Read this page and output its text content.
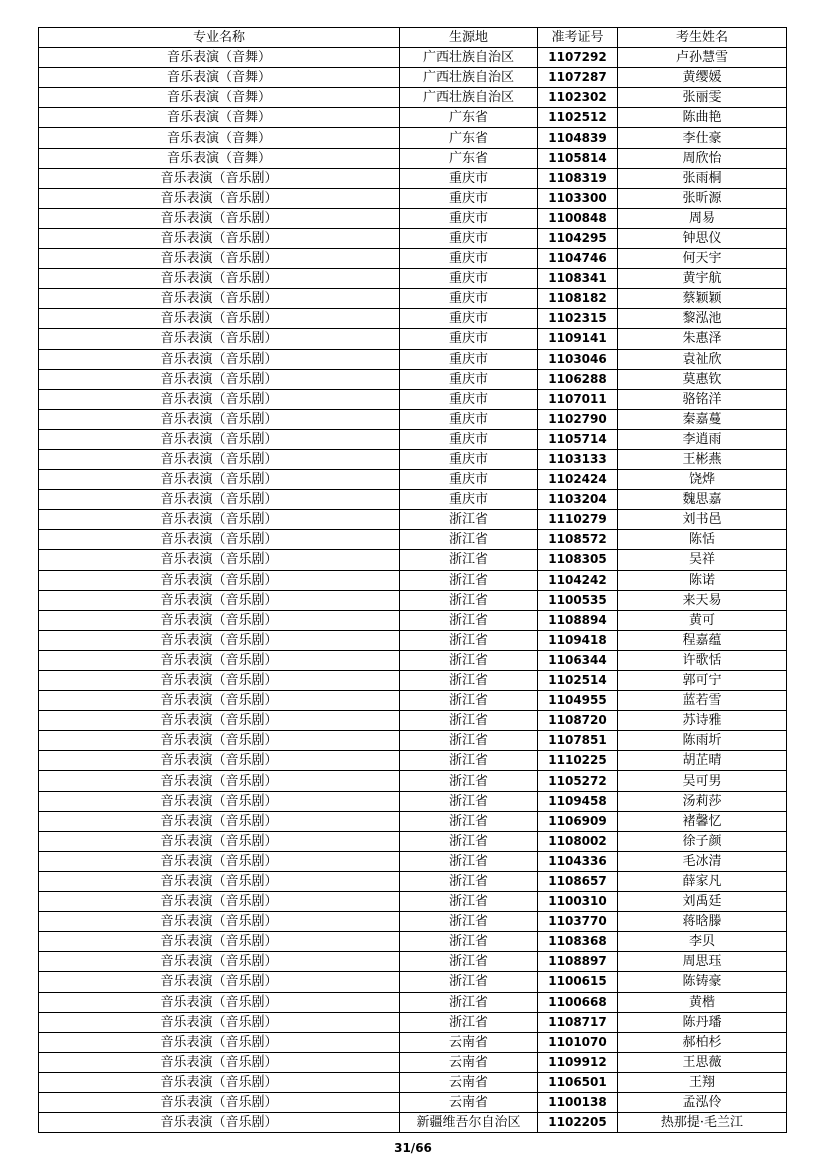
专业名称	生源地	准考证号	考生姓名
音乐表演（音舞）	广西壮族自治区	1107292	卢孙慧雪
音乐表演（音舞）	广西壮族自治区	1107287	黄缨媛
音乐表演（音舞）	广西壮族自治区	1102302	张丽雯
音乐表演（音舞）	广东省	1102512	陈曲艳
音乐表演（音舞）	广东省	1104839	李仕豪
音乐表演（音舞）	广东省	1105814	周欣怡
音乐表演（音乐剧）	重庆市	1108319	张雨桐
音乐表演（音乐剧）	重庆市	1103300	张昕源
音乐表演（音乐剧）	重庆市	1100848	周易
音乐表演（音乐剧）	重庆市	1104295	钟思仪
音乐表演（音乐剧）	重庆市	1104746	何天宇
音乐表演（音乐剧）	重庆市	1108341	黄宇航
音乐表演（音乐剧）	重庆市	1108182	蔡颖颖
音乐表演（音乐剧）	重庆市	1102315	黎泓池
音乐表演（音乐剧）	重庆市	1109141	朱惠泽
音乐表演（音乐剧）	重庆市	1103046	袁祉欣
音乐表演（音乐剧）	重庆市	1106288	莫惠钦
音乐表演（音乐剧）	重庆市	1107011	骆铭洋
音乐表演（音乐剧）	重庆市	1102790	秦嘉蔓
音乐表演（音乐剧）	重庆市	1105714	李逍雨
音乐表演（音乐剧）	重庆市	1103133	王彬燕
音乐表演（音乐剧）	重庆市	1102424	饶烨
音乐表演（音乐剧）	重庆市	1103204	魏思嘉
音乐表演（音乐剧）	浙江省	1110279	刘书邑
音乐表演（音乐剧）	浙江省	1108572	陈恬
音乐表演（音乐剧）	浙江省	1108305	吴祥
音乐表演（音乐剧）	浙江省	1104242	陈诺
音乐表演（音乐剧）	浙江省	1100535	来天易
音乐表演（音乐剧）	浙江省	1108894	黄可
音乐表演（音乐剧）	浙江省	1109418	程嘉蕴
音乐表演（音乐剧）	浙江省	1106344	许歌恬
音乐表演（音乐剧）	浙江省	1102514	郭可宁
音乐表演（音乐剧）	浙江省	1104955	蓝若雪
音乐表演（音乐剧）	浙江省	1108720	苏诗雅
音乐表演（音乐剧）	浙江省	1107851	陈雨圻
音乐表演（音乐剧）	浙江省	1110225	胡芷晴
音乐表演（音乐剧）	浙江省	1105272	吴可男
音乐表演（音乐剧）	浙江省	1109458	汤莉莎
音乐表演（音乐剧）	浙江省	1106909	褚馨忆
音乐表演（音乐剧）	浙江省	1108002	徐子颜
音乐表演（音乐剧）	浙江省	1104336	毛冰清
音乐表演（音乐剧）	浙江省	1108657	薛家凡
音乐表演（音乐剧）	浙江省	1100310	刘禹廷
音乐表演（音乐剧）	浙江省	1103770	蒋晗滕
音乐表演（音乐剧）	浙江省	1108368	李贝
音乐表演（音乐剧）	浙江省	1108897	周思珏
音乐表演（音乐剧）	浙江省	1100615	陈铸豪
音乐表演（音乐剧）	浙江省	1100668	黄楷
音乐表演（音乐剧）	浙江省	1108717	陈丹璠
音乐表演（音乐剧）	云南省	1101070	郝柏杉
音乐表演（音乐剧）	云南省	1109912	王思薇
音乐表演（音乐剧）	云南省	1106501	王翔
音乐表演（音乐剧）	云南省	1100138	孟泓伶
音乐表演（音乐剧）	新疆维吾尔自治区	1102205	热那提·毛兰江
31/66
